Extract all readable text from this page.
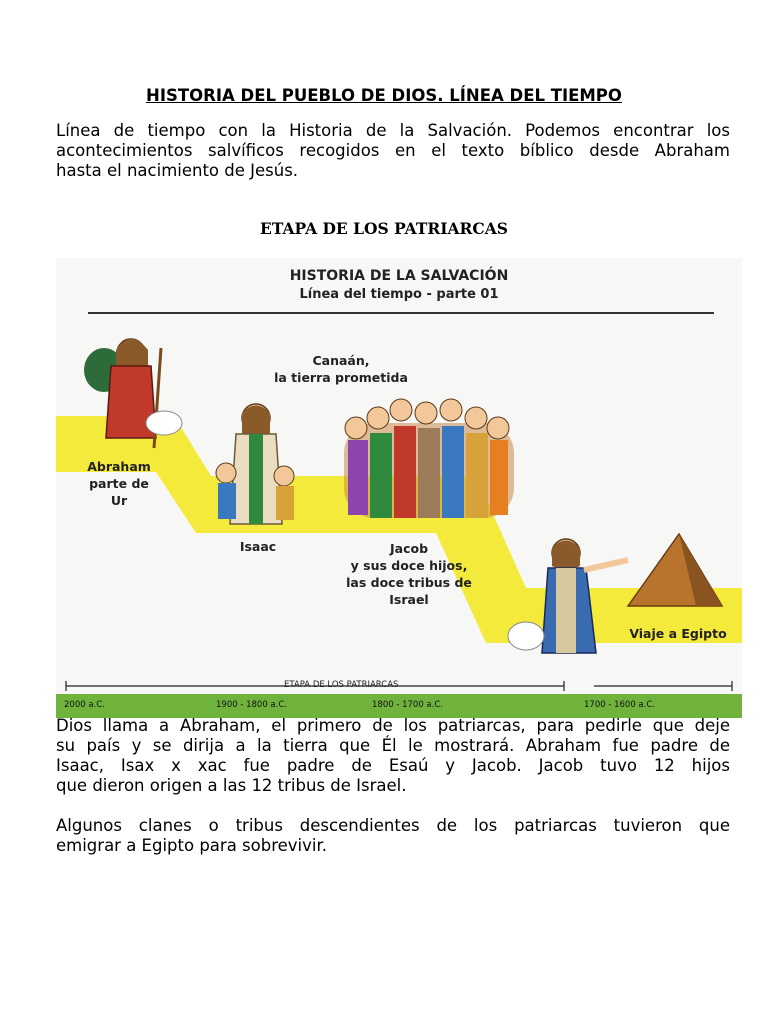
HISTORIA DEL PUEBLO DE DIOS. LÍNEA DEL TIEMPO
Línea de tiempo con la Historia de la Salvación. Podemos encontrar los
acontecimientos salvíficos recogidos en el texto bíblico desde Abraham
hasta el nacimiento de Jesús.
ETAPA DE LOS PATRIARCAS
HISTORIA DE LA SALVACIÓN
Línea del tiempo - parte 01
Abraham
parte de
Ur
Canaán,
la tierra prometida
Isaac	Jacob
y sus doce hijos,
las doce tribus de
Israel
Viaje a Egipto
ETAPA DE LOS PATRIARCAS
2000 a.C.	1900 - 1800 a.C.	1800 - 1700 a.C.	1700 - 1600 a.C.
Dios llama a Abraham, el primero de los patriarcas, para pedirle que deje
su país y se dirija a la tierra que Él le mostrará. Abraham fue padre de
Isaac, Isax x xac fue padre de Esaú y Jacob. Jacob tuvo 12 hijos
que dieron origen a las 12 tribus de Israel.
Algunos clanes o tribus descendientes de los patriarcas tuvieron que
emigrar a Egipto para sobrevivir.
